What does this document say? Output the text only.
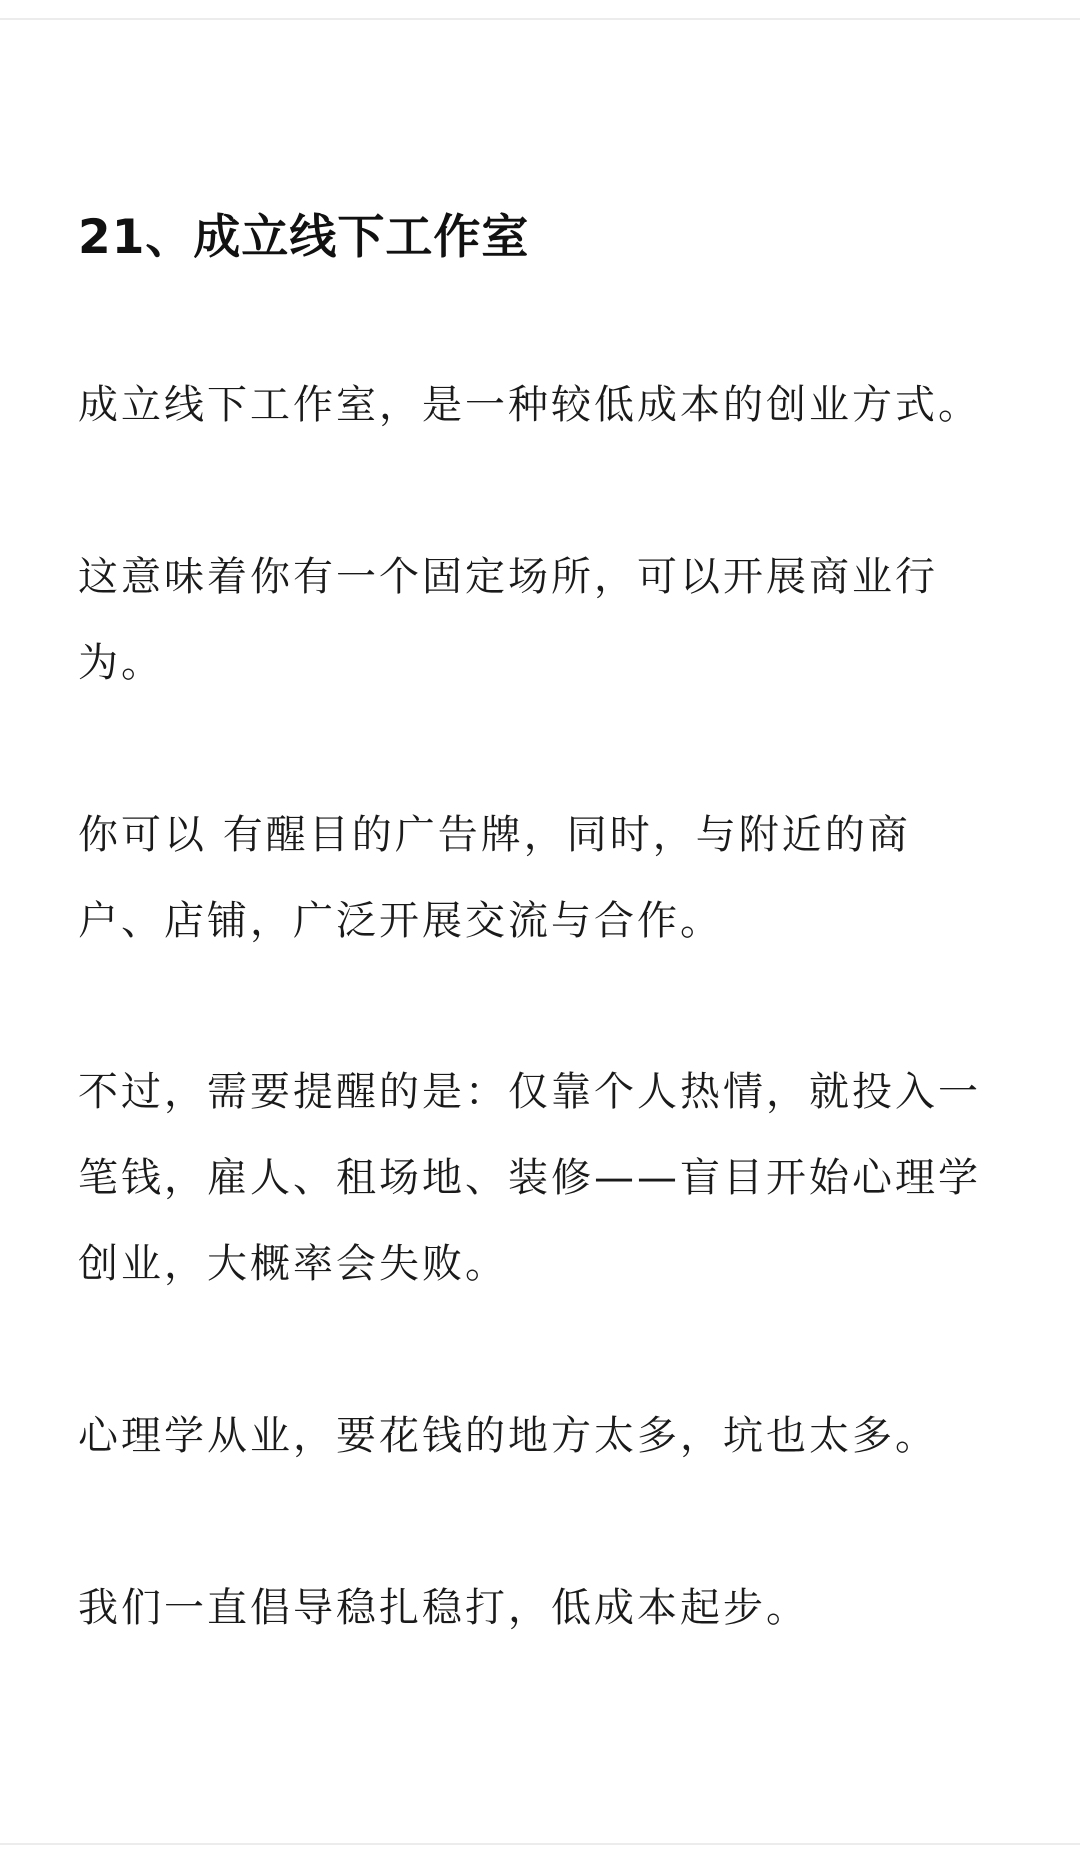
21、成立线下工作室

成立线下工作室，是一种较低成本的创业方式。

这意味着你有一个固定场所，可以开展商业行
为。

你可以 有醒目的广告牌，同时，与附近的商
户、店铺，广泛开展交流与合作。

不过，需要提醒的是：仅靠个人热情，就投入一
笔钱，雇人、租场地、装修——盲目开始心理学
创业，大概率会失败。

心理学从业，要花钱的地方太多，坑也太多。

我们一直倡导稳扎稳打，低成本起步。
